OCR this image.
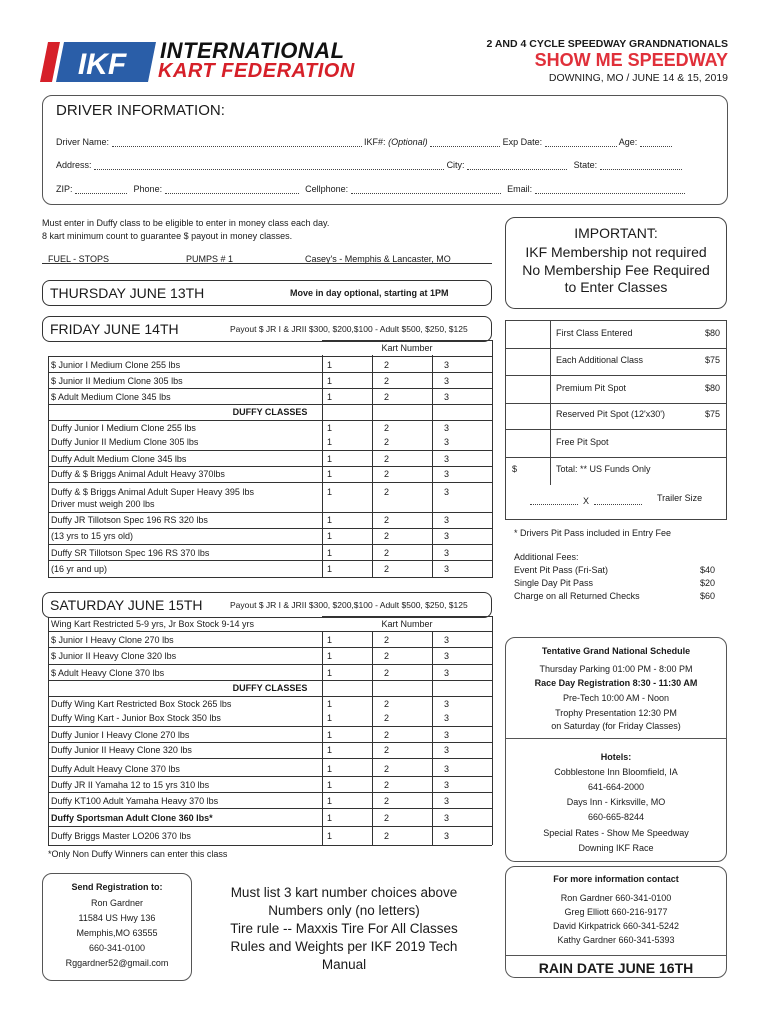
IKF INTERNATIONAL
KART FEDERATION
2 AND 4 CYCLE SPEEDWAY GRANDNATIONALS
SHOW ME SPEEDWAY
DOWNING, MO / JUNE 14 & 15, 2019
DRIVER INFORMATION:
Driver Name:	IKF#: (Optional)	Exp Date:	Age:
Address:	City:	State:
ZIP:	Phone:	Cellphone:	Email:
Must enter in Duffy class to be eligible to enter in money class each day.
8 kart minimum count to guarantee $ payout in money classes.
FUEL - STOPS	PUMPS # 1	Casey's - Memphis & Lancaster, MO
THURSDAY JUNE 13TH	Move in day optional, starting at 1PM
FRIDAY JUNE 14TH	Payout $ JR I & JRII $300, $200,$100 - Adult $500, $250, $125
Kart Number
$ Junior I Medium Clone 255 lbs	1	2	3
$ Junior II Medium Clone 305 lbs	1	2	3
$ Adult Medium Clone 345 lbs	1	2	3
DUFFY CLASSES
Duffy Junior I Medium Clone 255 lbs	1	2	3
Duffy Junior II Medium Clone 305 lbs	1	2	3
Duffy Adult Medium Clone 345 lbs	1	2	3
Duffy & $ Briggs Animal Adult Heavy 370lbs	1	2	3
Duffy & $ Briggs Animal Adult Super Heavy 395 lbs	1	2	3
Driver must weigh 200 lbs
Duffy JR Tillotson Spec 196 RS 320 lbs	1	2	3
(13 yrs to 15 yrs old)	1	2	3
Duffy SR Tillotson Spec 196 RS 370 lbs	1	2	3
(16 yr and up)	1	2	3
SATURDAY JUNE 15TH	Payout $ JR I & JRII $300, $200,$100 - Adult $500, $250, $125
Wing Kart Restricted 5-9 yrs, Jr Box Stock 9-14 yrs	Kart Number
$ Junior I Heavy Clone 270 lbs	1	2	3
$ Junior II Heavy Clone 320 lbs	1	2	3
$ Adult Heavy Clone 370 lbs	1	2	3
DUFFY CLASSES
Duffy Wing Kart Restricted Box Stock 265 lbs	1	2	3
Duffy Wing Kart - Junior Box Stock 350 lbs	1	2	3
Duffy Junior I Heavy Clone 270 lbs	1	2	3
Duffy Junior II Heavy Clone 320 lbs	1	2	3
Duffy Adult Heavy Clone 370 lbs	1	2	3
Duffy JR II Yamaha 12 to 15 yrs 310 lbs	1	2	3
Duffy KT100 Adult Yamaha Heavy 370 lbs	1	2	3
Duffy Sportsman Adult Clone 360 lbs*	1	2	3
Duffy Briggs Master LO206 370 lbs	1	2	3
*Only Non Duffy Winners can enter this class
IMPORTANT:
IKF Membership not required
No Membership Fee Required
to Enter Classes
First Class Entered	$80
Each Additional Class	$75
Premium Pit Spot	$80
Reserved Pit Spot (12'x30')	$75
Free Pit Spot
$	Total: ** US Funds Only
X	Trailer Size
* Drivers Pit Pass included in Entry Fee
Additional Fees:
Event Pit Pass (Fri-Sat)	$40
Single Day Pit Pass	$20
Charge on all Returned Checks	$60
Tentative Grand National Schedule
Thursday Parking 01:00 PM - 8:00 PM
Race Day Registration 8:30 - 11:30 AM
Pre-Tech 10:00 AM - Noon
Trophy Presentation 12:30 PM
on Saturday (for Friday Classes)
Hotels:
Cobblestone Inn Bloomfield, IA
641-664-2000
Days Inn - Kirksville, MO
660-665-8244
Special Rates - Show Me Speedway
Downing IKF Race
For more information contact
Ron Gardner 660-341-0100
Greg Elliott 660-216-9177
David Kirkpatrick 660-341-5242
Kathy Gardner 660-341-5393
RAIN DATE JUNE 16TH
Send Registration to:
Ron Gardner
11584 US Hwy 136
Memphis,MO 63555
660-341-0100
Rggardner52@gmail.com
Must list 3 kart number choices above
Numbers only (no letters)
Tire rule -- Maxxis Tire For All Classes
Rules and Weights per IKF 2019 Tech
Manual
